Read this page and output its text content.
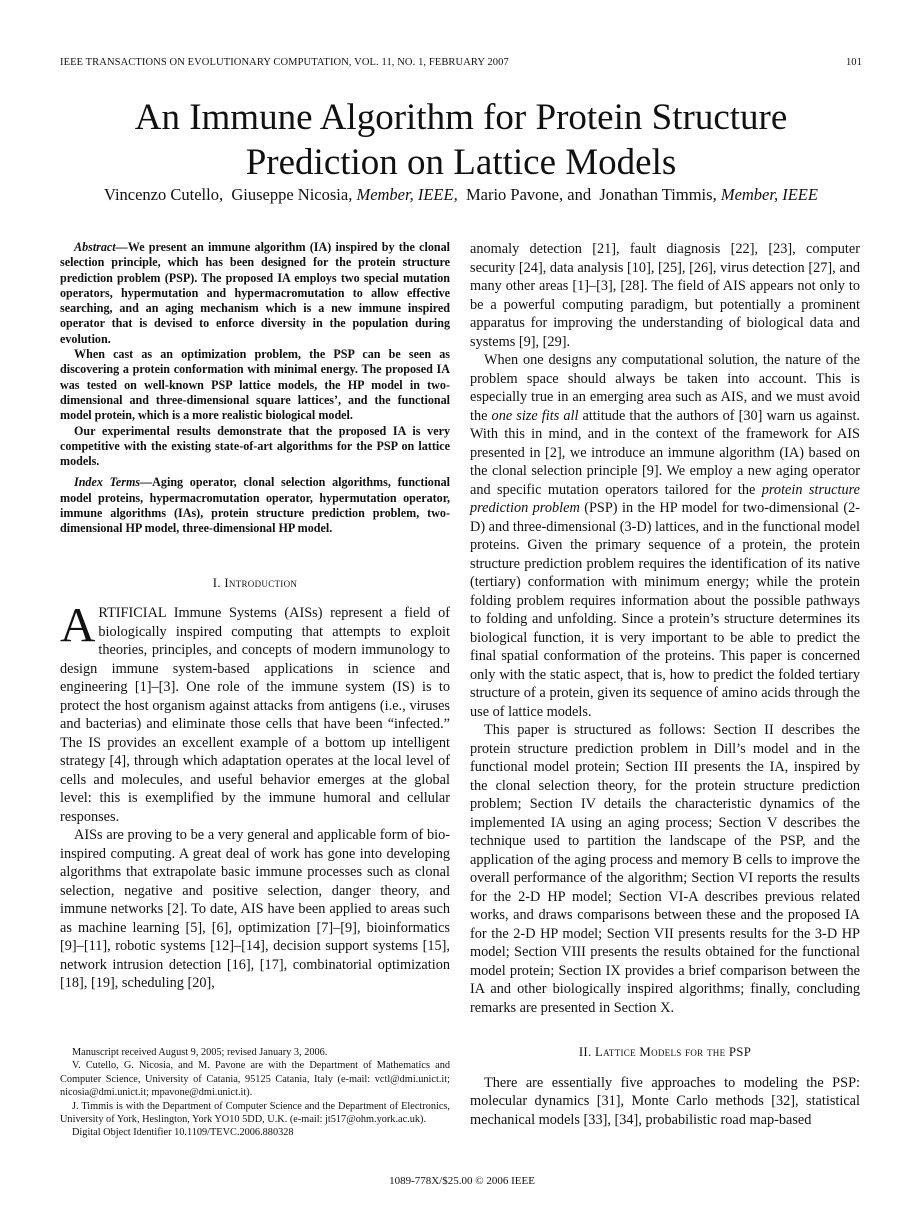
IEEE TRANSACTIONS ON EVOLUTIONARY COMPUTATION, VOL. 11, NO. 1, FEBRUARY 2007	101
An Immune Algorithm for Protein Structure
Prediction on Lattice Models
Vincenzo Cutello, Giuseppe Nicosia, Member, IEEE, Mario Pavone, and Jonathan Timmis, Member, IEEE

Abstract—We present an immune algorithm (IA) inspired by the clonal selection principle, which has been designed for the protein structure prediction problem (PSP). The proposed IA employs two special mutation operators, hypermutation and hypermacromutation to allow effective searching, and an aging mechanism which is a new immune inspired operator that is devised to enforce diversity in the population during evolution.

When cast as an optimization problem, the PSP can be seen as discovering a protein conformation with minimal energy. The proposed IA was tested on well-known PSP lattice models, the HP model in two-dimensional and three-dimensional square lattices’, and the functional model protein, which is a more realistic biological model.

Our experimental results demonstrate that the proposed IA is very competitive with the existing state-of-art algorithms for the PSP on lattice models.

Index Terms—Aging operator, clonal selection algorithms, functional model proteins, hypermacromutation operator, hypermutation operator, immune algorithms (IAs), protein structure prediction problem, two-dimensional HP model, three-dimensional HP model.

I. Introduction

ARTIFICIAL Immune Systems (AISs) represent a field of biologically inspired computing that attempts to exploit theories, principles, and concepts of modern immunology to design immune system-based applications in science and engineering [1]–[3]. One role of the immune system (IS) is to protect the host organism against attacks from antigens (i.e., viruses and bacterias) and eliminate those cells that have been “infected.” The IS provides an excellent example of a bottom up intelligent strategy [4], through which adaptation operates at the local level of cells and molecules, and useful behavior emerges at the global level: this is exemplified by the immune humoral and cellular responses.

AISs are proving to be a very general and applicable form of bio-inspired computing. A great deal of work has gone into developing algorithms that extrapolate basic immune processes such as clonal selection, negative and positive selection, danger theory, and immune networks [2]. To date, AIS have been applied to areas such as machine learning [5], [6], optimization [7]–[9], bioinformatics [9]–[11], robotic systems [12]–[14], decision support systems [15], network intrusion detection [16], [17], combinatorial optimization [18], [19], scheduling [20],

Manuscript received August 9, 2005; revised January 3, 2006.

V. Cutello, G. Nicosia, and M. Pavone are with the Department of Mathematics and Computer Science, University of Catania, 95125 Catania, Italy (e-mail: vctl@dmi.unict.it; nicosia@dmi.unict.it; mpavone@dmi.unict.it).

J. Timmis is with the Department of Computer Science and the Department of Electronics, University of York, Heslington, York YO10 5DD, U.K. (e-mail: jt517@ohm.york.ac.uk).

Digital Object Identifier 10.1109/TEVC.2006.880328

anomaly detection [21], fault diagnosis [22], [23], computer security [24], data analysis [10], [25], [26], virus detection [27], and many other areas [1]–[3], [28]. The field of AIS appears not only to be a powerful computing paradigm, but potentially a prominent apparatus for improving the understanding of biological data and systems [9], [29].

When one designs any computational solution, the nature of the problem space should always be taken into account. This is especially true in an emerging area such as AIS, and we must avoid the one size fits all attitude that the authors of [30] warn us against. With this in mind, and in the context of the framework for AIS presented in [2], we introduce an immune algorithm (IA) based on the clonal selection principle [9]. We employ a new aging operator and specific mutation operators tailored for the protein structure prediction problem (PSP) in the HP model for two-dimensional (2-D) and three-dimensional (3-D) lattices, and in the functional model proteins. Given the primary sequence of a protein, the protein structure prediction problem requires the identification of its native (tertiary) conformation with minimum energy; while the protein folding problem requires information about the possible pathways to folding and unfolding. Since a protein’s structure determines its biological function, it is very important to be able to predict the final spatial conformation of the proteins. This paper is concerned only with the static aspect, that is, how to predict the folded tertiary structure of a protein, given its sequence of amino acids through the use of lattice models.

This paper is structured as follows: Section II describes the protein structure prediction problem in Dill’s model and in the functional model protein; Section III presents the IA, inspired by the clonal selection theory, for the protein structure prediction problem; Section IV details the characteristic dynamics of the implemented IA using an aging process; Section V describes the technique used to partition the landscape of the PSP, and the application of the aging process and memory B cells to improve the overall performance of the algorithm; Section VI reports the results for the 2-D HP model; Section VI-A describes previous related works, and draws comparisons between these and the proposed IA for the 2-D HP model; Section VII presents results for the 3-D HP model; Section VIII presents the results obtained for the functional model protein; Section IX provides a brief comparison between the IA and other biologically inspired algorithms; finally, concluding remarks are presented in Section X.

II. Lattice Models for the PSP

There are essentially five approaches to modeling the PSP: molecular dynamics [31], Monte Carlo methods [32], statistical mechanical models [33], [34], probabilistic road map-based

1089-778X/$25.00 © 2006 IEEE
